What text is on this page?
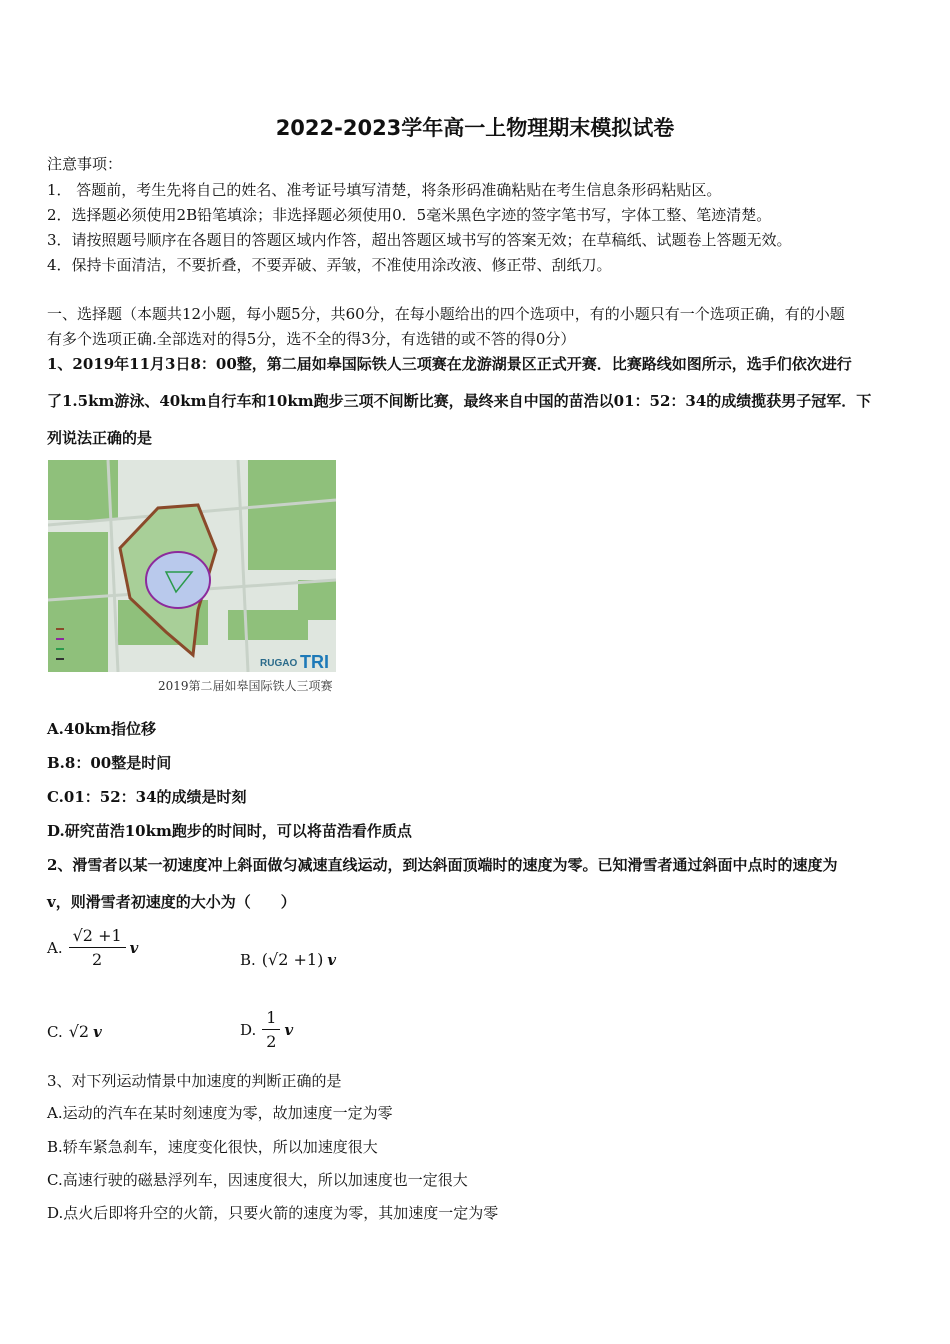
2022-2023学年高一上物理期末模拟试卷
注意事项：
1． 答题前，考生先将自己的姓名、准考证号填写清楚，将条形码准确粘贴在考生信息条形码粘贴区。
2．选择题必须使用2B铅笔填涂；非选择题必须使用0．5毫米黑色字迹的签字笔书写，字体工整、笔迹清楚。
3．请按照题号顺序在各题目的答题区域内作答，超出答题区域书写的答案无效；在草稿纸、试题卷上答题无效。
4．保持卡面清洁，不要折叠，不要弄破、弄皱，不准使用涂改液、修正带、刮纸刀。
一、选择题（本题共12小题，每小题5分，共60分，在每小题给出的四个选项中，有的小题只有一个选项正确，有的小题
有多个选项正确.全部选对的得5分，选不全的得3分，有选错的或不答的得0分）
1、2019年11月3日8：00整，第二届如皋国际铁人三项赛在龙游湖景区正式开赛．比赛路线如图所示，选手们依次进行
了1.5km游泳、40km自行车和10km跑步三项不间断比赛，最终来自中国的苗浩以01：52：34的成绩揽获男子冠军．下
列说法正确的是
RUGAO TRI
2019第二届如皋国际铁人三项赛
A.40km指位移
B.8：00整是时间
C.01：52：34的成绩是时刻
D.研究苗浩10km跑步的时间时，可以将苗浩看作质点
2、滑雪者以某一初速度冲上斜面做匀减速直线运动，到达斜面顶端时的速度为零。已知滑雪者通过斜面中点时的速度为
v，则滑雪者初速度的大小为（　　）
A. $\frac{√2 +1}{2}$ v
B. (√2 +1) v
C. √2 v	D. $\frac{1}{2}$ v
3、对下列运动情景中加速度的判断正确的是
A.运动的汽车在某时刻速度为零，故加速度一定为零
B.轿车紧急刹车，速度变化很快，所以加速度很大
C.高速行驶的磁悬浮列车，因速度很大，所以加速度也一定很大
D.点火后即将升空的火箭，只要火箭的速度为零，其加速度一定为零
